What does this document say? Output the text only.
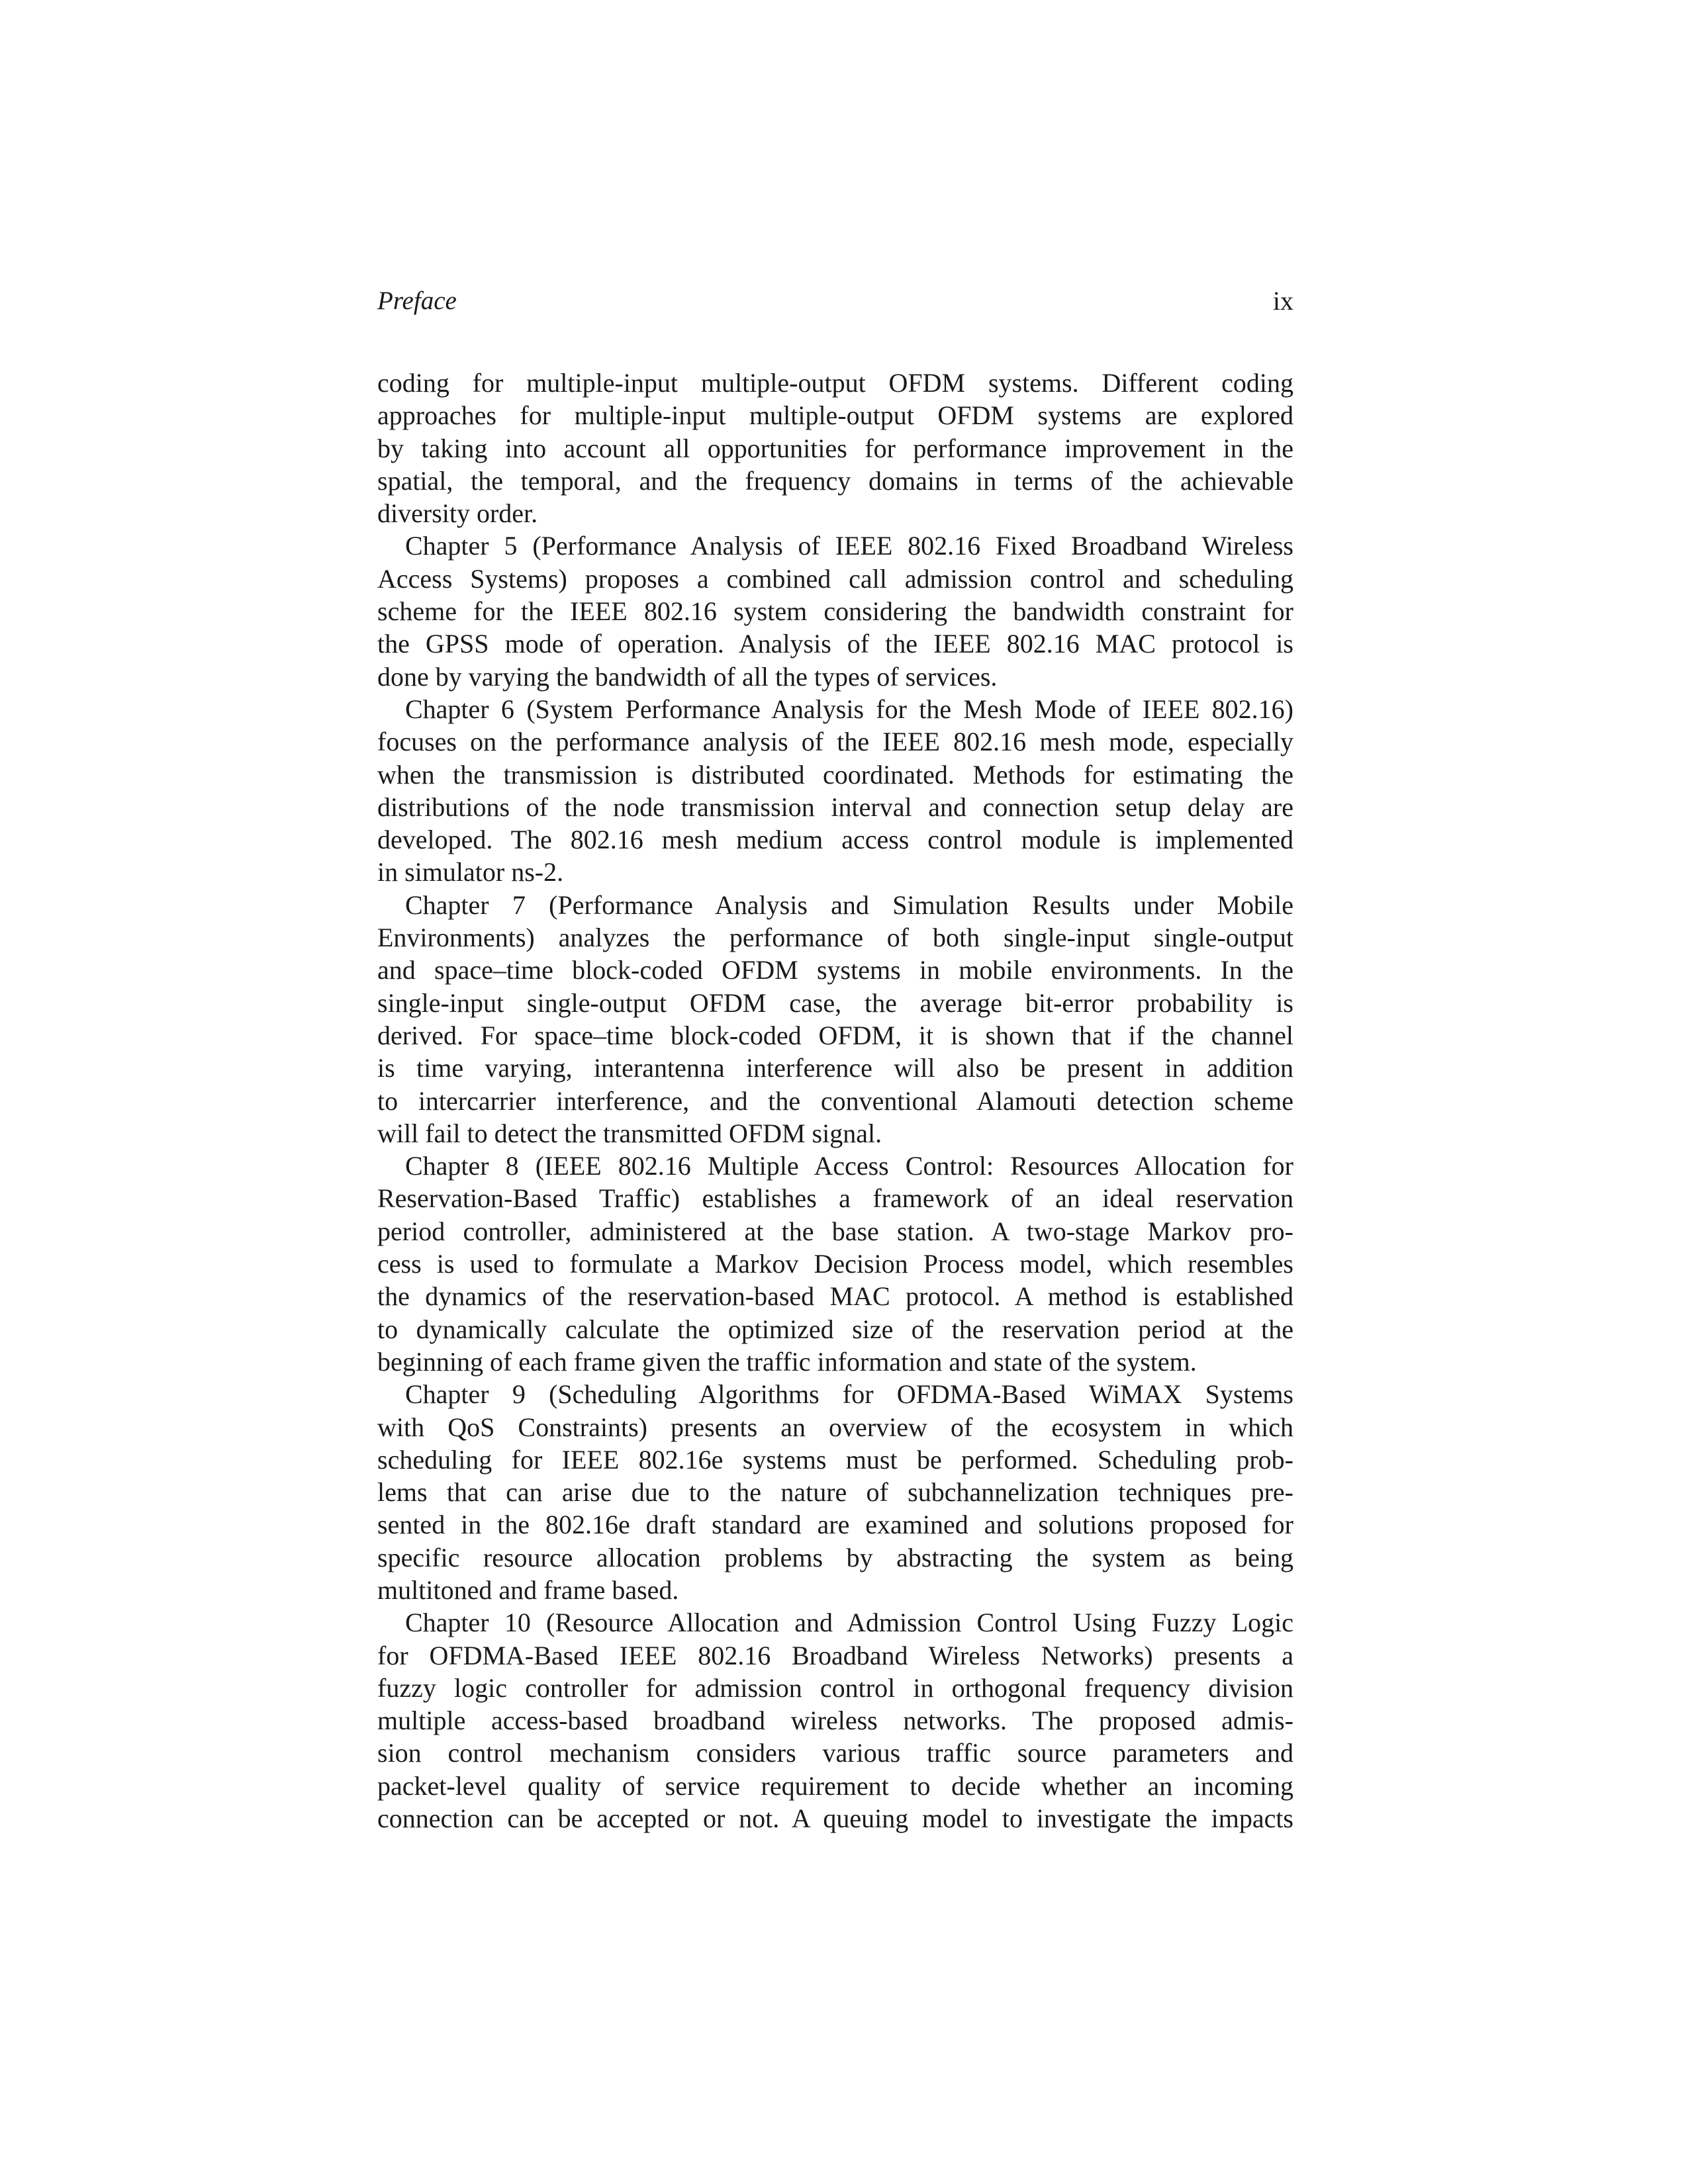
Preface	ix
coding for multiple-input multiple-output OFDM systems. Different coding
approaches for multiple-input multiple-output OFDM systems are explored
by taking into account all opportunities for performance improvement in the
spatial, the temporal, and the frequency domains in terms of the achievable
diversity order.
Chapter 5 (Performance Analysis of IEEE 802.16 Fixed Broadband Wireless
Access Systems) proposes a combined call admission control and scheduling
scheme for the IEEE 802.16 system considering the bandwidth constraint for
the GPSS mode of operation. Analysis of the IEEE 802.16 MAC protocol is
done by varying the bandwidth of all the types of services.
Chapter 6 (System Performance Analysis for the Mesh Mode of IEEE 802.16)
focuses on the performance analysis of the IEEE 802.16 mesh mode, especially
when the transmission is distributed coordinated. Methods for estimating the
distributions of the node transmission interval and connection setup delay are
developed. The 802.16 mesh medium access control module is implemented
in simulator ns-2.
Chapter 7 (Performance Analysis and Simulation Results under Mobile
Environments) analyzes the performance of both single-input single-output
and space–time block-coded OFDM systems in mobile environments. In the
single-input single-output OFDM case, the average bit-error probability is
derived. For space–time block-coded OFDM, it is shown that if the channel
is time varying, interantenna interference will also be present in addition
to intercarrier interference, and the conventional Alamouti detection scheme
will fail to detect the transmitted OFDM signal.
Chapter 8 (IEEE 802.16 Multiple Access Control: Resources Allocation for
Reservation-Based Traffic) establishes a framework of an ideal reservation
period controller, administered at the base station. A two-stage Markov pro-
cess is used to formulate a Markov Decision Process model, which resembles
the dynamics of the reservation-based MAC protocol. A method is established
to dynamically calculate the optimized size of the reservation period at the
beginning of each frame given the traffic information and state of the system.
Chapter 9 (Scheduling Algorithms for OFDMA-Based WiMAX Systems
with QoS Constraints) presents an overview of the ecosystem in which
scheduling for IEEE 802.16e systems must be performed. Scheduling prob-
lems that can arise due to the nature of subchannelization techniques pre-
sented in the 802.16e draft standard are examined and solutions proposed for
specific resource allocation problems by abstracting the system as being
multitoned and frame based.
Chapter 10 (Resource Allocation and Admission Control Using Fuzzy Logic
for OFDMA-Based IEEE 802.16 Broadband Wireless Networks) presents a
fuzzy logic controller for admission control in orthogonal frequency division
multiple access-based broadband wireless networks. The proposed admis-
sion control mechanism considers various traffic source parameters and
packet-level quality of service requirement to decide whether an incoming
connection can be accepted or not. A queuing model to investigate the impacts
